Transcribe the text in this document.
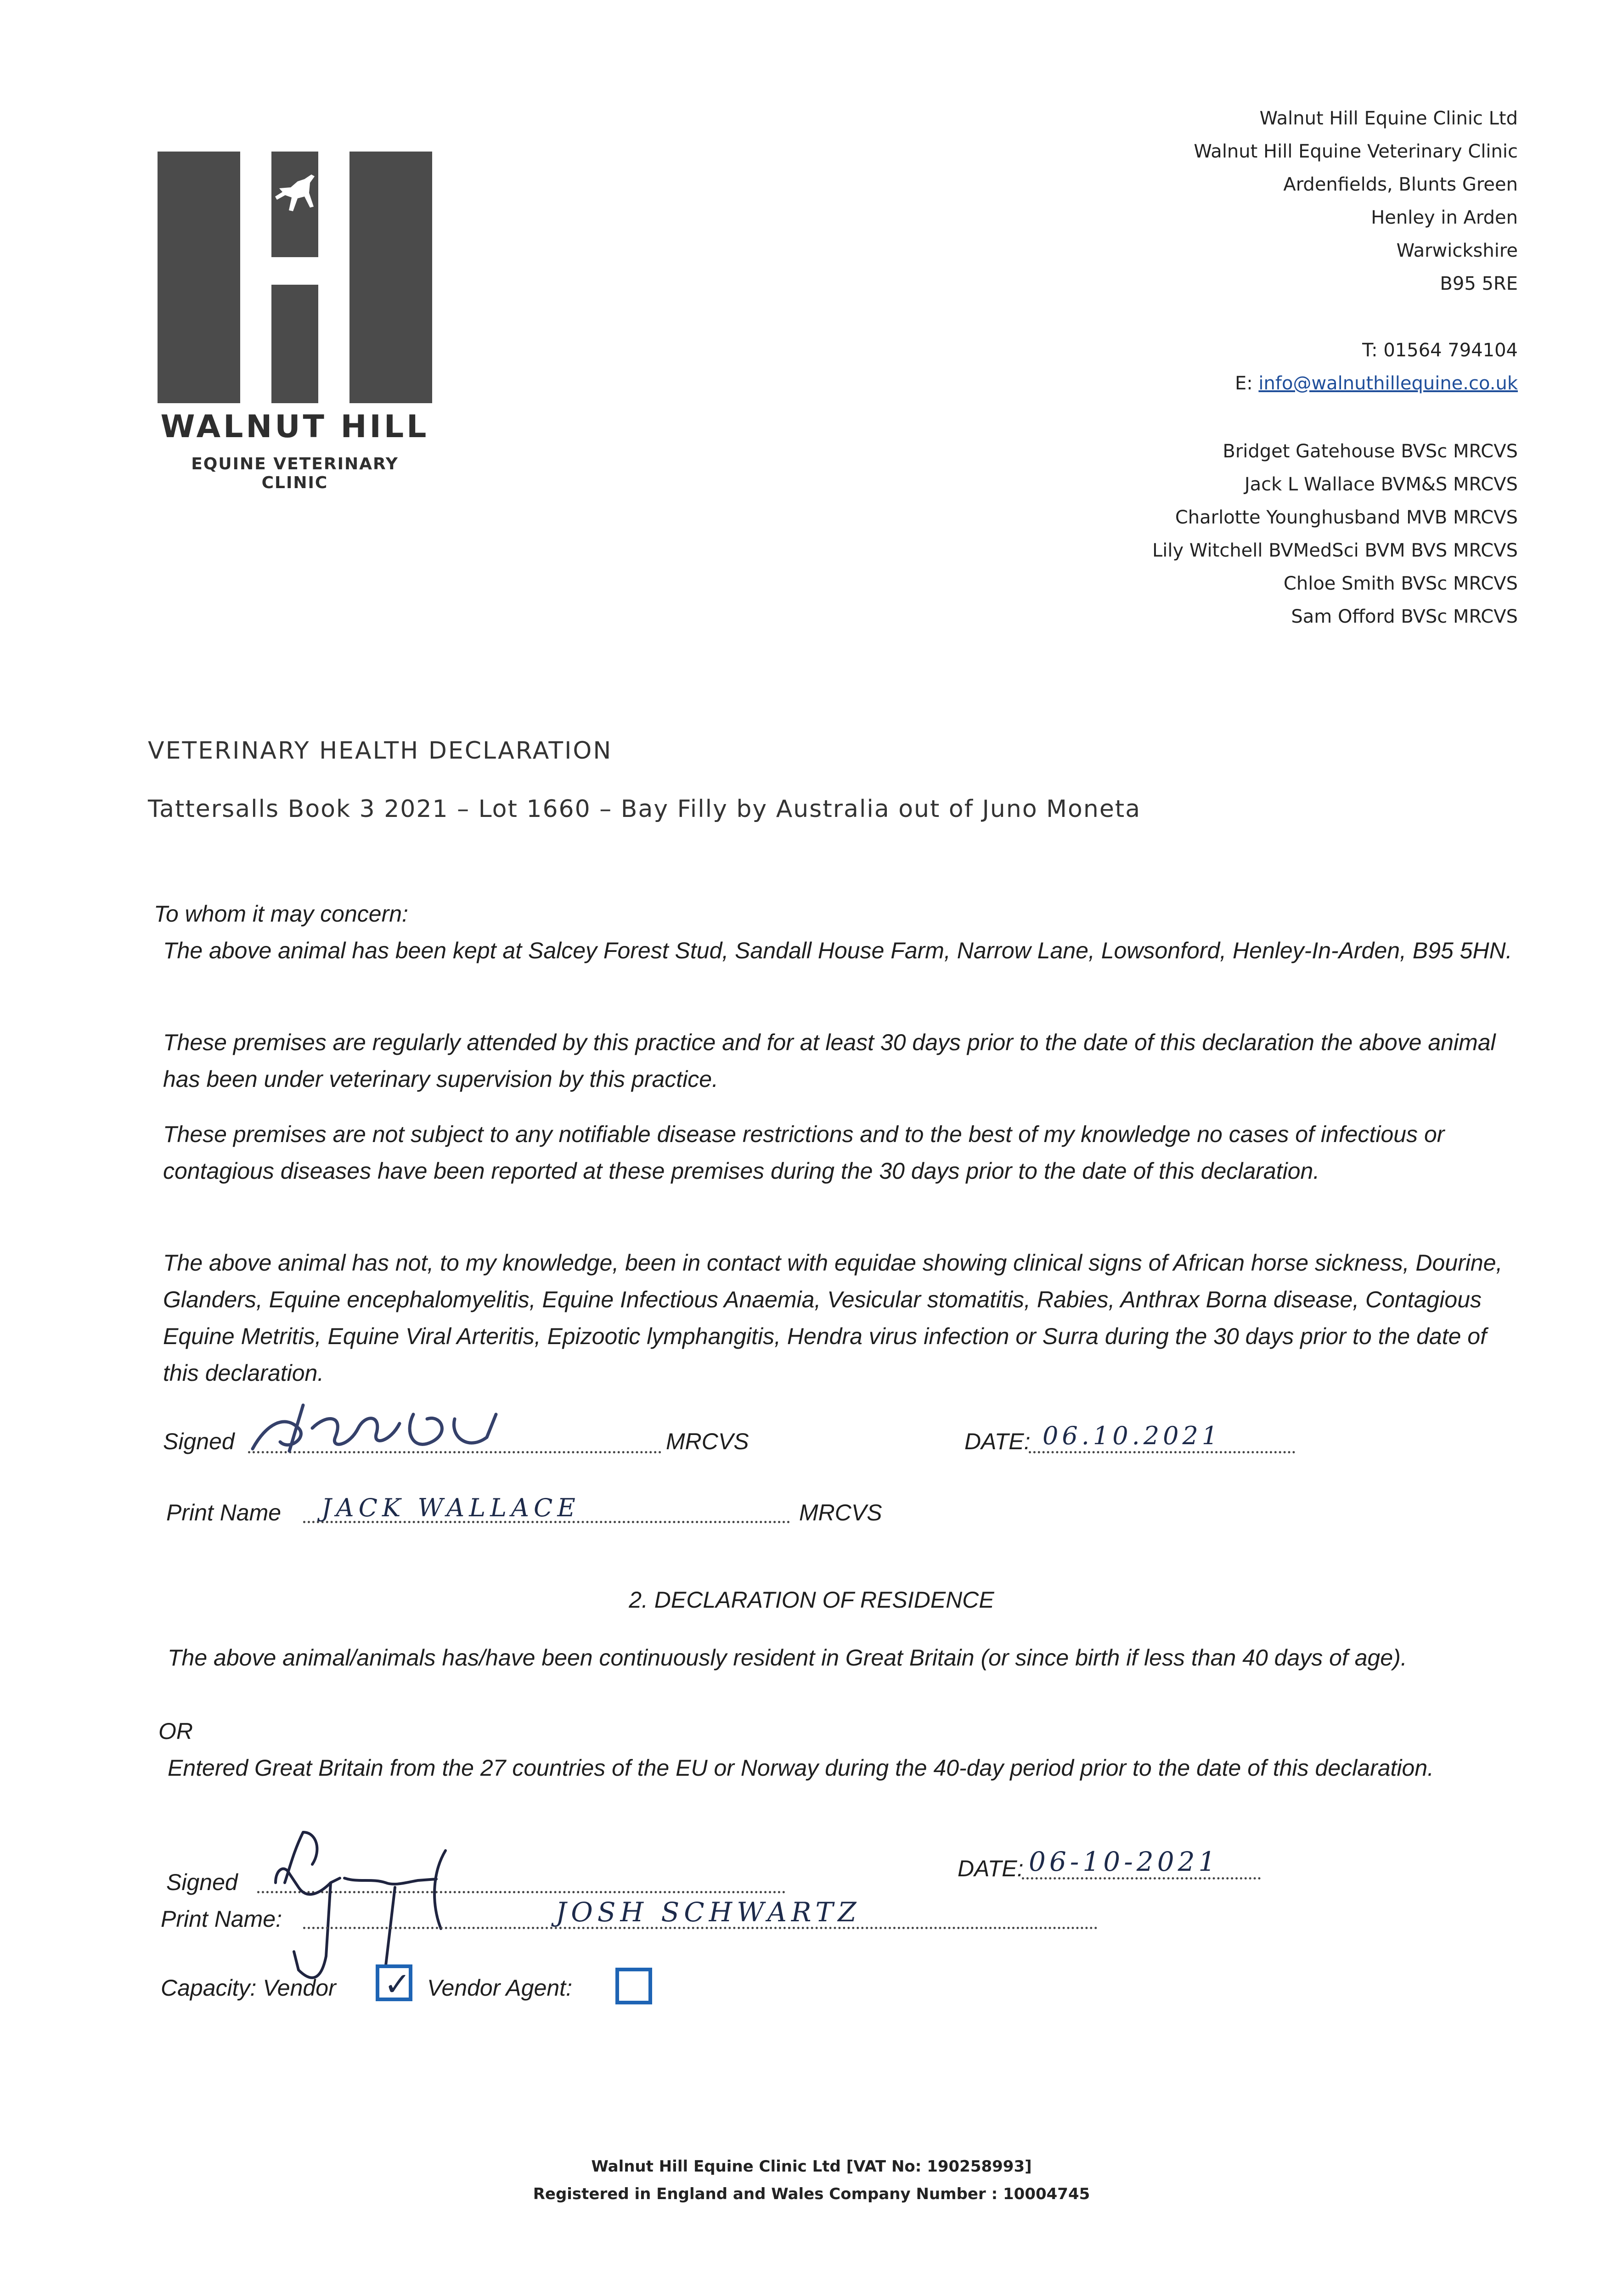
WALNUT HILL
EQUINE VETERINARY CLINIC
Walnut Hill Equine Clinic Ltd
Walnut Hill Equine Veterinary Clinic
Ardenfields, Blunts Green
Henley in Arden
Warwickshire
B95 5RE
T: 01564 794104
E: info@walnuthillequine.co.uk
Bridget Gatehouse BVSc MRCVS
Jack L Wallace BVM&S MRCVS
Charlotte Younghusband MVB MRCVS
Lily Witchell BVMedSci BVM BVS MRCVS
Chloe Smith BVSc MRCVS
Sam Offord BVSc MRCVS
VETERINARY HEALTH DECLARATION
Tattersalls Book 3 2021 – Lot 1660 – Bay Filly by Australia out of Juno Moneta
To whom it may concern:
The above animal has been kept at Salcey Forest Stud, Sandall House Farm, Narrow Lane, Lowsonford, Henley-In-Arden, B95 5HN.
These premises are regularly attended by this practice and for at least 30 days prior to the date of this declaration the above animal has been under veterinary supervision by this practice.
These premises are not subject to any notifiable disease restrictions and to the best of my knowledge no cases of infectious or contagious diseases have been reported at these premises during the 30 days prior to the date of this declaration.
The above animal has not, to my knowledge, been in contact with equidae showing clinical signs of African horse sickness, Dourine, Glanders, Equine encephalomyelitis, Equine Infectious Anaemia, Vesicular stomatitis, Rabies, Anthrax Borna disease, Contagious Equine Metritis, Equine Viral Arteritis, Epizootic lymphangitis, Hendra virus infection or Surra during the 30 days prior to the date of this declaration.
Signed	MRCVS	DATE: 06.10.2021
Print Name JACK WALLACE	MRCVS
2. DECLARATION OF RESIDENCE
The above animal/animals has/have been continuously resident in Great Britain (or since birth if less than 40 days of age).
OR
Entered Great Britain from the 27 countries of the EU or Norway during the 40-day period prior to the date of this declaration.
Signed
DATE: 06-10-2021
Print Name:	JOSH SCHWARTZ
Capacity: Vendor ✓ Vendor Agent:
Walnut Hill Equine Clinic Ltd [VAT No: 190258993]
Registered in England and Wales Company Number : 10004745
